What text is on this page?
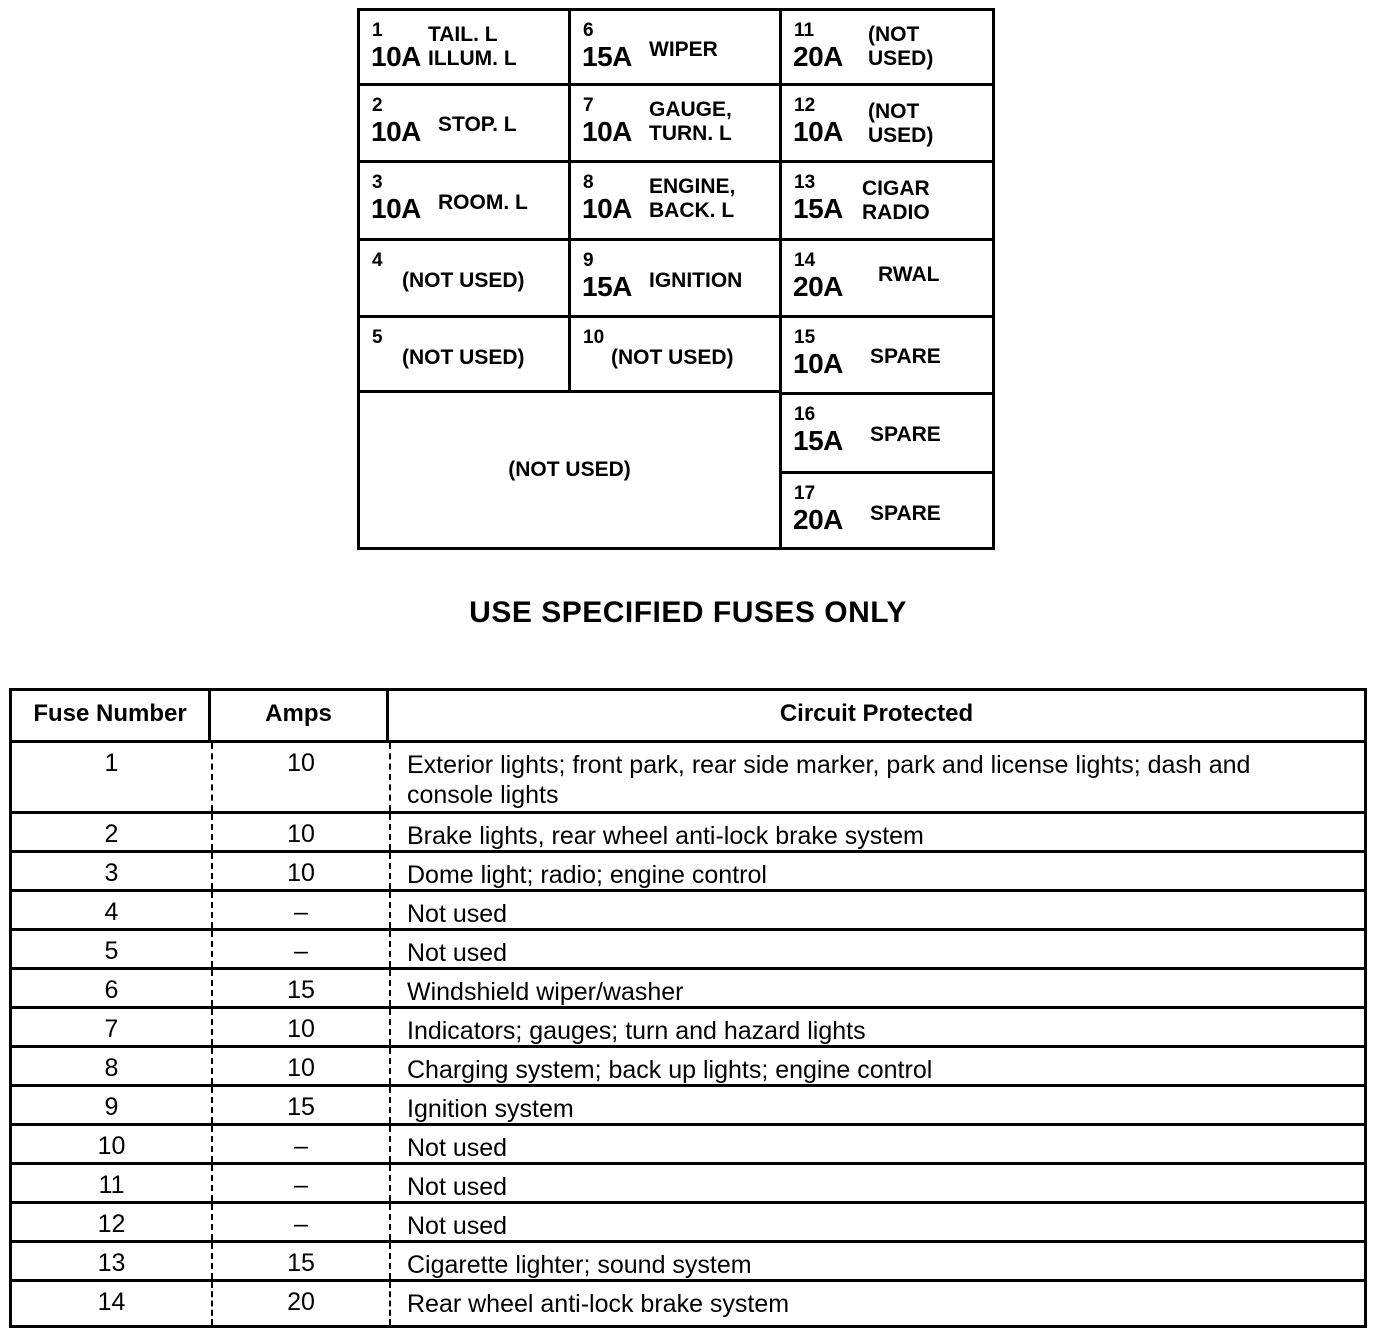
1
10A
TAIL. L
ILLUM. L
6
15A WIPER
11
20A
(NOT
USED)
2
10A STOP. L
7
10A
GAUGE,
TURN. L
12
10A
(NOT
USED)
3
10A ROOM. L
8
10A
ENGINE,
BACK. L
13
15A
CIGAR
RADIO
4
(NOT USED)
9
15A IGNITION
14
20A RWAL
5
(NOT USED)
10
(NOT USED)
15
10A SPARE
(NOT USED)
16
15A SPARE
17
20A SPARE
USE SPECIFIED FUSES ONLY
Fuse Number	Amps	Circuit Protected
1	10	Exterior lights; front park, rear side marker, park and license lights; dash and console lights
2	10	Brake lights, rear wheel anti-lock brake system
3	10	Dome light; radio; engine control
4	–	Not used
5	–	Not used
6	15	Windshield wiper/washer
7	10	Indicators; gauges; turn and hazard lights
8	10	Charging system; back up lights; engine control
9	15	Ignition system
10	–	Not used
11	–	Not used
12	–	Not used
13	15	Cigarette lighter; sound system
14	20	Rear wheel anti-lock brake system
